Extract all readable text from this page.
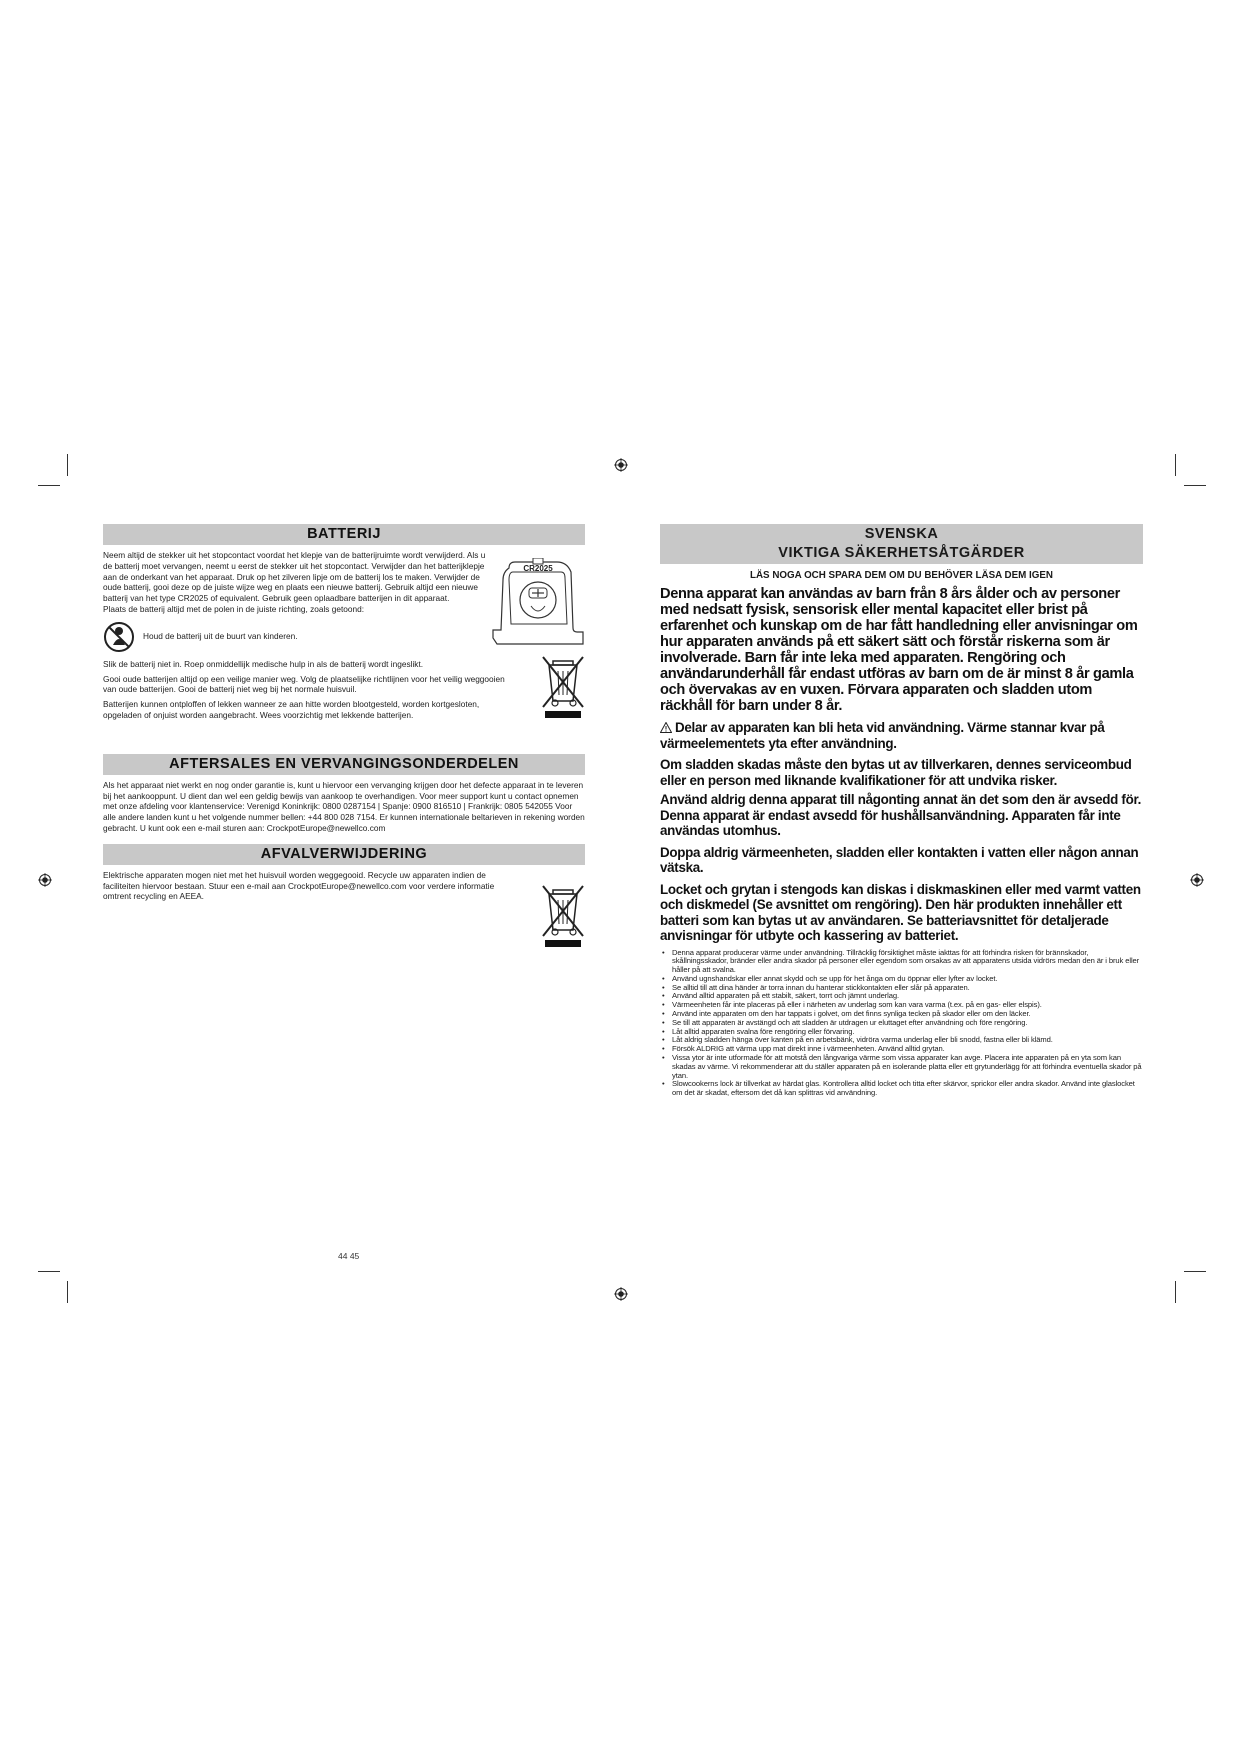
BATTERIJ
Neem altijd de stekker uit het stopcontact voordat het klepje van de batterijruimte wordt verwijderd. Als u de batterij moet vervangen, neemt u eerst de stekker uit het stopcontact. Verwijder dan het batterijklepje aan de onderkant van het apparaat. Druk op het zilveren lipje om de batterij los te maken. Verwijder de oude batterij, gooi deze op de juiste wijze weg en plaats een nieuwe batterij. Gebruik altijd een nieuwe batterij van het type CR2025 of equivalent. Gebruik geen oplaadbare batterijen in dit apparaat.
Plaats de batterij altijd met de polen in de juiste richting, zoals getoond:
CR2025
Houd de batterij uit de buurt van kinderen.
Slik de batterij niet in. Roep onmiddellijk medische hulp in als de batterij wordt ingeslikt.
Gooi oude batterijen altijd op een veilige manier weg. Volg de plaatselijke richtlijnen voor het veilig weggooien van oude batterijen. Gooi de batterij niet weg bij het normale huisvuil.
Batterijen kunnen ontploffen of lekken wanneer ze aan hitte worden blootgesteld, worden kortgesloten, opgeladen of onjuist worden aangebracht. Wees voorzichtig met lekkende batterijen.
AFTERSALES EN VERVANGINGSONDERDELEN
Als het apparaat niet werkt en nog onder garantie is, kunt u hiervoor een vervanging krijgen door het defecte apparaat in te leveren bij het aankooppunt. U dient dan wel een geldig bewijs van aankoop te overhandigen. Voor meer support kunt u contact opnemen met onze afdeling voor klantenservice: Verenigd Koninkrijk: 0800 0287154 | Spanje: 0900 816510 | Frankrijk: 0805 542055 Voor alle andere landen kunt u het volgende nummer bellen: +44 800 028 7154. Er kunnen internationale beltarieven in rekening worden gebracht. U kunt ook een e-mail sturen aan: CrockpotEurope@newellco.com
AFVALVERWIJDERING
Elektrische apparaten mogen niet met het huisvuil worden weggegooid. Recycle uw apparaten indien de faciliteiten hiervoor bestaan. Stuur een e-mail aan CrockpotEurope@newellco.com voor verdere informatie omtrent recycling en AEEA.
SVENSKA
VIKTIGA SÄKERHETSÅTGÄRDER
LÄS NOGA OCH SPARA DEM OM DU BEHÖVER LÄSA DEM IGEN
Denna apparat kan användas av barn från 8 års ålder och av personer med nedsatt fysisk, sensorisk eller mental kapacitet eller brist på erfarenhet och kunskap om de har fått handledning eller anvisningar om hur apparaten används på ett säkert sätt och förstår riskerna som är involverade. Barn får inte leka med apparaten. Rengöring och användarunderhåll får endast utföras av barn om de är minst 8 år gamla och övervakas av en vuxen. Förvara apparaten och sladden utom räckhåll för barn under 8 år.
Delar av apparaten kan bli heta vid användning. Värme stannar kvar på värmeelementets yta efter användning.
Om sladden skadas måste den bytas ut av tillverkaren, dennes serviceombud eller en person med liknande kvalifikationer för att undvika risker.
Använd aldrig denna apparat till någonting annat än det som den är avsedd för. Denna apparat är endast avsedd för hushållsanvändning. Apparaten får inte användas utomhus.
Doppa aldrig värmeenheten, sladden eller kontakten i vatten eller någon annan vätska.
Locket och grytan i stengods kan diskas i diskmaskinen eller med varmt vatten och diskmedel (Se avsnittet om rengöring). Den här produkten innehåller ett batteri som kan bytas ut av användaren. Se batteriavsnittet för detaljerade anvisningar för utbyte och kassering av batteriet.
• Denna apparat producerar värme under användning. Tillräcklig försiktighet måste iakttas för att förhindra risken för brännskador, skållningsskador, bränder eller andra skador på personer eller egendom som orsakas av att apparatens utsida vidrörs medan den är i bruk eller håller på att svalna.
• Använd ugnshandskar eller annat skydd och se upp för het ånga om du öppnar eller lyfter av locket.
• Se alltid till att dina händer är torra innan du hanterar stickkontakten eller slår på apparaten.
• Använd alltid apparaten på ett stabilt, säkert, torrt och jämnt underlag.
• Värmeenheten får inte placeras på eller i närheten av underlag som kan vara varma (t.ex. på en gas- eller elspis).
• Använd inte apparaten om den har tappats i golvet, om det finns synliga tecken på skador eller om den läcker.
• Se till att apparaten är avstängd och att sladden är utdragen ur eluttaget efter användning och före rengöring.
• Låt alltid apparaten svalna före rengöring eller förvaring.
• Låt aldrig sladden hänga över kanten på en arbetsbänk, vidröra varma underlag eller bli snodd, fastna eller bli klämd.
• Försök ALDRIG att värma upp mat direkt inne i värmeenheten. Använd alltid grytan.
• Vissa ytor är inte utformade för att motstå den långvariga värme som vissa apparater kan avge. Placera inte apparaten på en yta som kan skadas av värme. Vi rekommenderar att du ställer apparaten på en isolerande platta eller ett grytunderlägg för att förhindra eventuella skador på ytan.
• Slowcookerns lock är tillverkat av härdat glas. Kontrollera alltid locket och titta efter skärvor, sprickor eller andra skador. Använd inte glaslocket om det är skadat, eftersom det då kan splittras vid användning.
44 45
